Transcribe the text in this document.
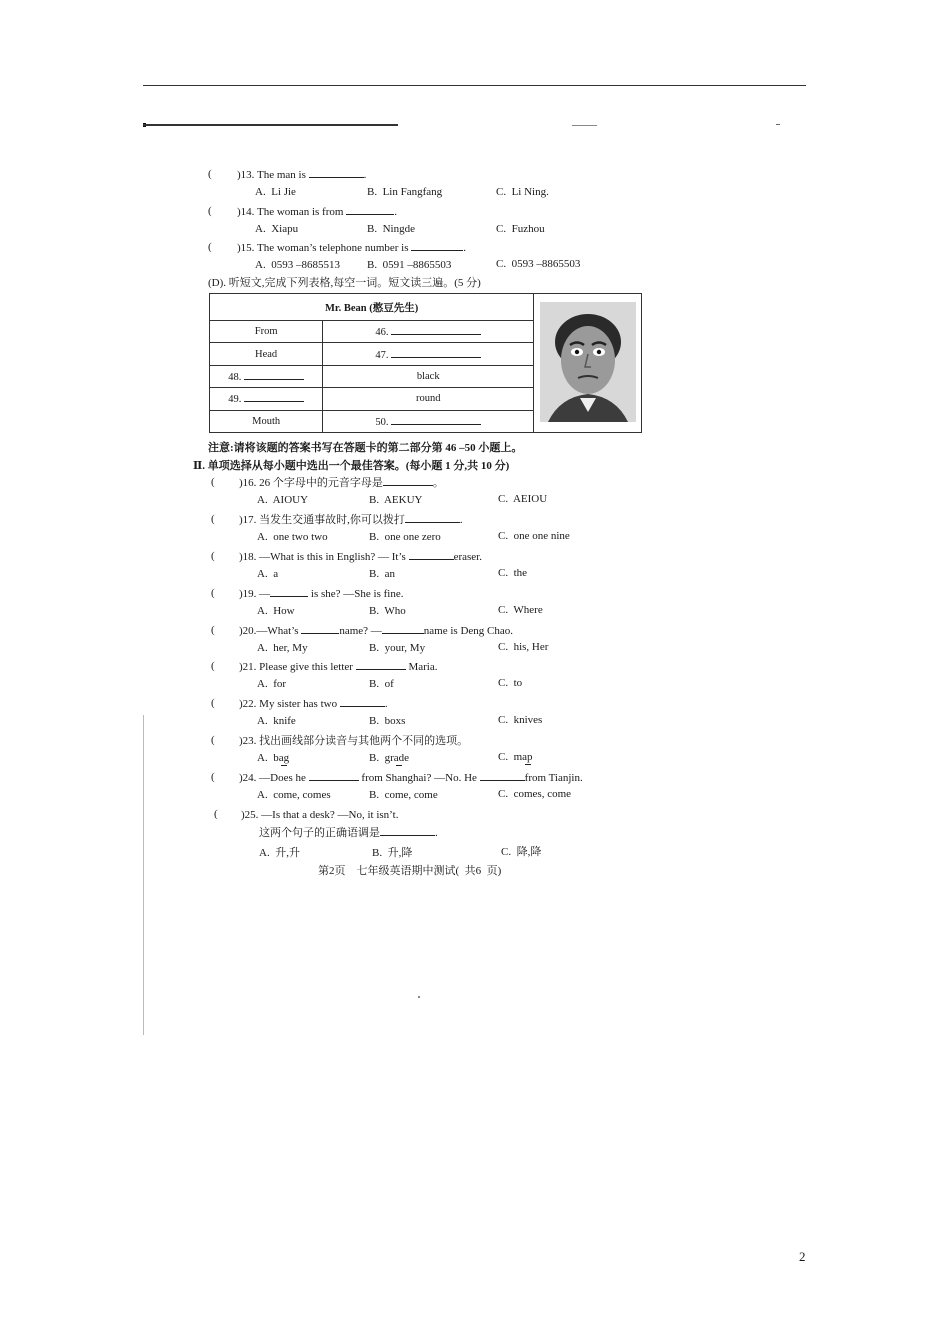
( )13. The man is	.
A.  Li Jie	B.  Lin Fangfang	C.  Li Ning.
( )14. The woman is from	.
A.  Xiapu	B.  Ningde	C.  Fuzhou
( )15. The woman’s telephone number is	.
A.  0593 –8685513 B.  0591 –8865503	C.  0593 –8865503
(D). 听短文,完成下列表格,每空一词。短文读三遍。(5 分)
Mr. Bean (憨豆先生)	
From	46.	
Head	47.	
48.	black	
49.	round	
Mouth	50.	
注意:请将该题的答案书写在答题卡的第二部分第 46 –50 小题上。
Ⅱ. 单项选择从每小题中选出一个最佳答案。(每小题 1 分,共 10 分)
( )16. 26 个字母中的元音字母是	。
A.  AIOUY	B.  AEKUY	C.  AEIOU
( )17. 当发生交通事故时,你可以拨打	.
A.  one two two	B.  one one zero	C.  one one nine
( )18. —What is this in English? — It’s	eraser.
A.  a	B.  an	C.  the
( )19. —	is she? —She is fine.
A.  How	B.  Who	C.  Where
( )20.—What’s	name? —	name is Deng Chao.
A.  her, My	B.  your, My	C.  his, Her
( )21. Please give this letter	Maria.
A.  for	B.  of	C.  to
( )22. My sister has two	.
A.  knife	B.  boxs	C.  knives
( )23. 找出画线部分读音与其他两个不同的选项。
A.  bag	B.  grade	C.  map
( )24. —Does he	from Shanghai? —No. He	from Tianjin.
A.  come, comes	B.  come, come	C.  comes, come
( )25. —Is that a desk? —No, it isn’t.
这两个句子的正确语调是	.
A.  升,升	B.  升,降	C.  降,降
第2页    七年级英语期中测试(  共6  页)
2
